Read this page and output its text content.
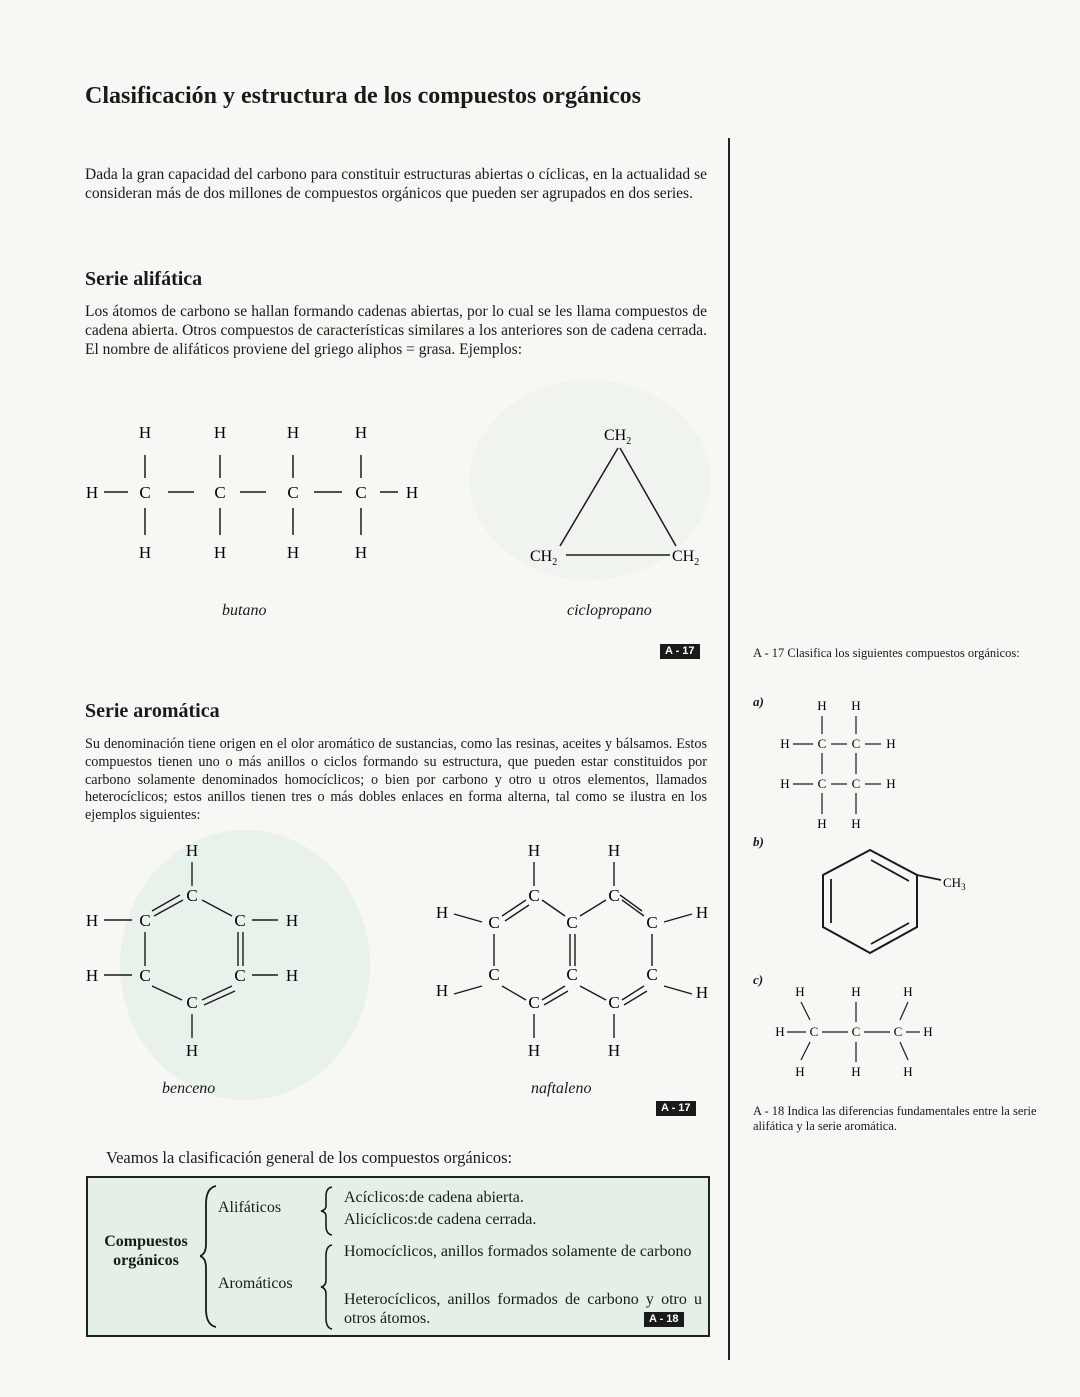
Clasificación y estructura de los compuestos orgánicos

Dada la gran capacidad del carbono para constituir estructuras abiertas o cíclicas, en la actualidad se consideran más de dos millones de compuestos orgánicos que pueden ser agrupados en dos series.

Serie alifática

Los átomos de carbono se hallan formando cadenas abiertas, por lo cual se les llama compuestos de cadena abierta. Otros compuestos de características similares a los anteriores son de cadena cerrada. El nombre de alifáticos proviene del griego aliphos = grasa. Ejemplos:

H	H	H	H
H C	C	C	C H
H	H	H	H
$CH_2$
$CH_2$	$CH_2$
butano	ciclopropano
A - 17
Serie aromática

Su denominación tiene origen en el olor aromático de sustancias, como las resinas, aceites y bálsamos. Estos compuestos tienen uno o más anillos o ciclos formando su estructura, que pueden estar constituidos por carbono solamente denominados homocíclicos; o bien por carbono y otro u otros elementos, llamados heterocíclicos; estos anillos tienen tres o más dobles enlaces en forma alterna, tal como se ilustra en los ejemplos siguientes:

H
C
H C	C H
H C	C H
C
H
H	H
C	C
H
C	C	C
H
C	C	C
H	H
C	C
H	H
benceno	naftaleno
A - 17
Veamos la clasificación general de los compuestos orgánicos:
Compuestos orgánicos
Alifáticos
Acíclicos:de cadena abierta.
Alicíclicos:de cadena cerrada.
Aromáticos
Homocíclicos, anillos formados solamente de carbono
Heterocíclicos, anillos formados de carbono y otro u otros átomos.	A - 18
A - 17 Clasifica los siguientes compuestos orgánicos:
a)	H H
H C C H
H C C H
H H
b)
$CH_3$
c)
H	H	H
H C	C	C H
H	H	H
A - 18 Indica las diferencias fundamentales entre la serie alifática y la serie aromática.
